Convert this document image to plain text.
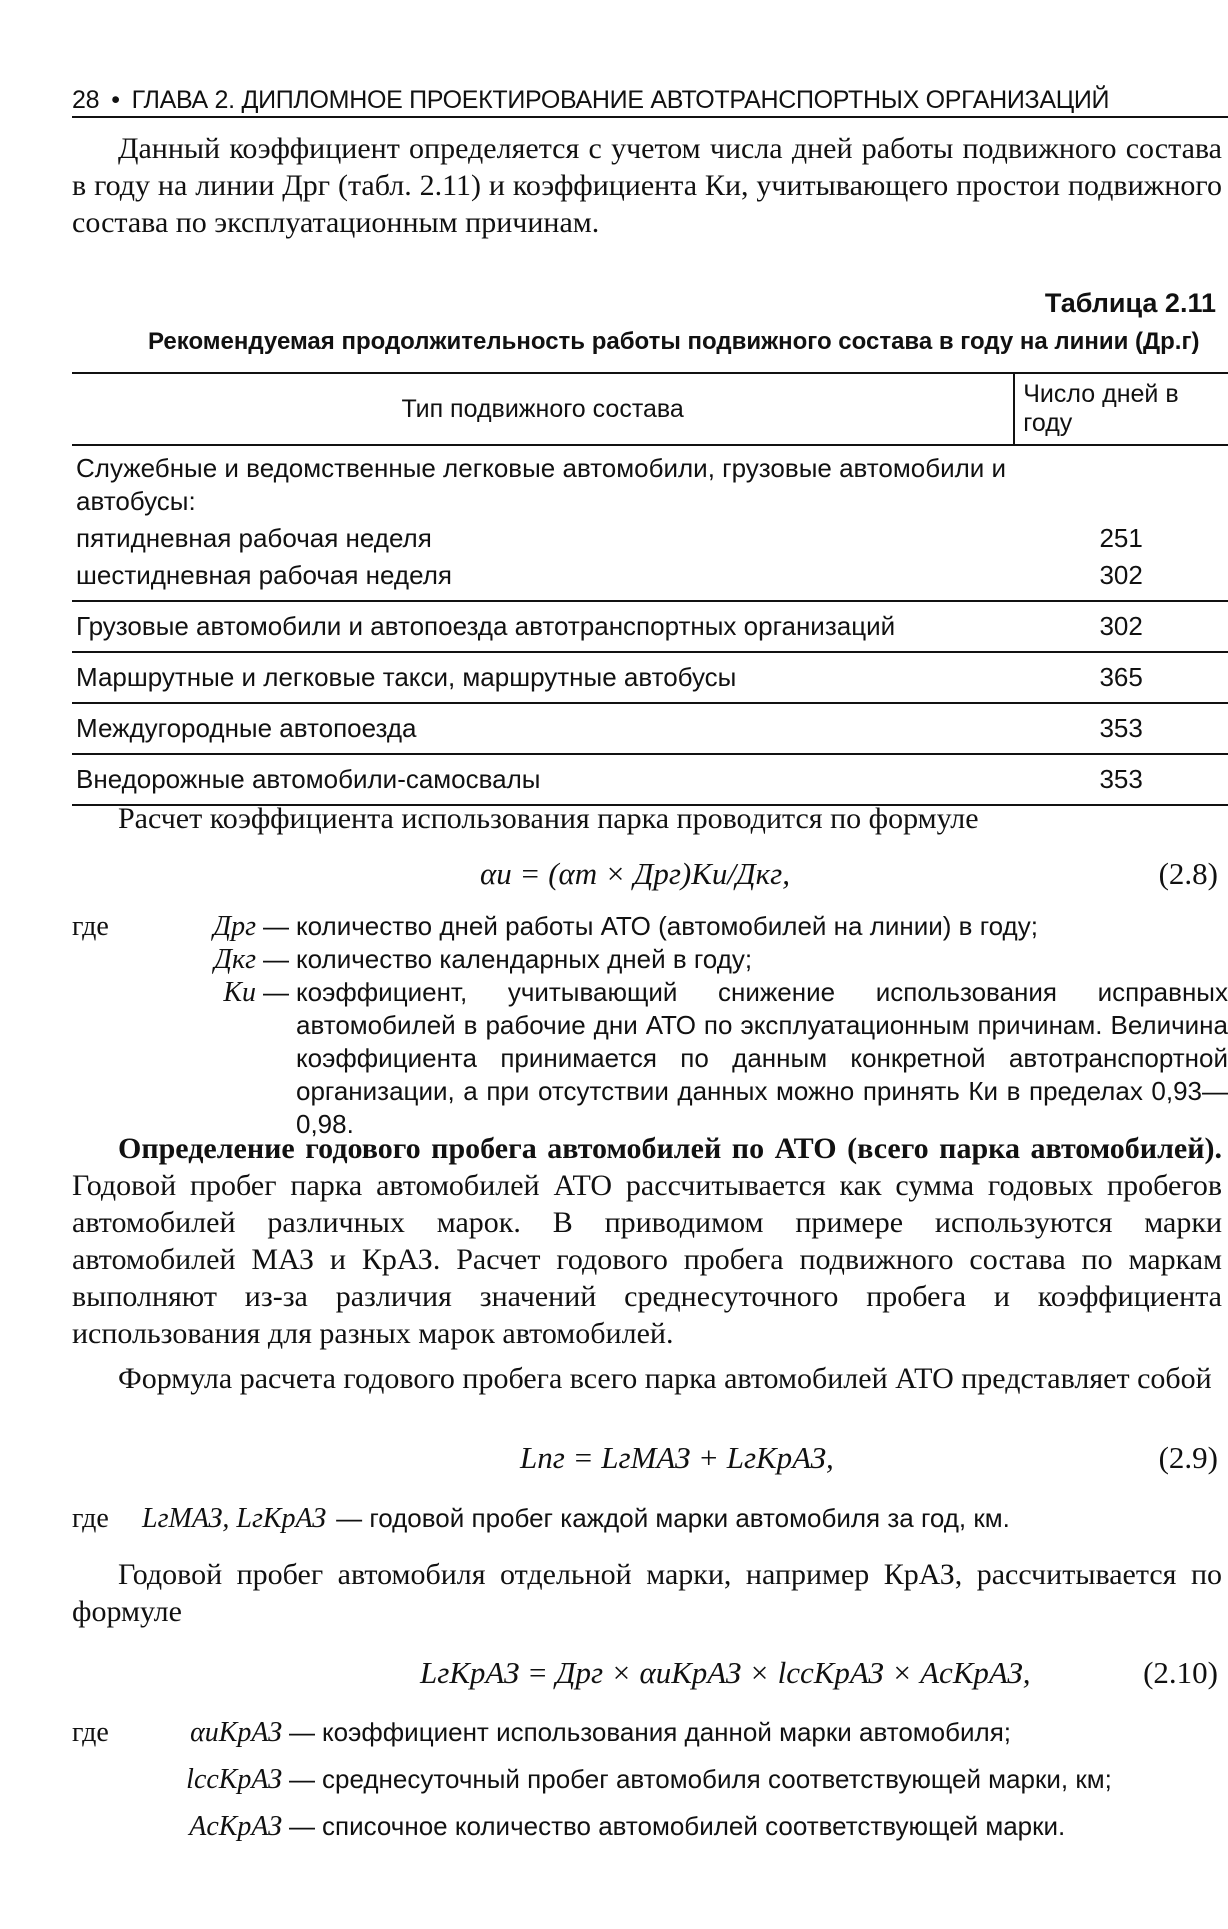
28 • ГЛАВА 2. ДИПЛОМНОЕ ПРОЕКТИРОВАНИЕ АВТОТРАНСПОРТНЫХ ОРГАНИЗАЦИЙ

Данный коэффициент определяется с учетом числа дней работы подвижного состава в году на линии Дрг (табл. 2.11) и коэффициента Ки, учитывающего простои подвижного состава по эксплуатационным причинам.

Таблица 2.11
Рекомендуемая продолжительность работы подвижного состава в году на линии (Др.г)
Тип подвижного состава	Число дней в году
Служебные и ведомственные легковые автомобили, грузовые автомобили и автобусы:	
пятидневная рабочая неделя	251
шестидневная рабочая неделя	302
Грузовые автомобили и автопоезда автотранспортных организаций	302
Маршрутные и легковые такси, маршрутные автобусы	365
Междугородные автопоезда	353
Внедорожные автомобили-самосвалы	353

Расчет коэффициента использования парка проводится по формуле

αи = (αт × Дрг)Ки/Дкг,	(2.8)
где	Дрг — количество дней работы АТО (автомобилей на линии) в году;
Дкг — количество календарных дней в году;
Ки — коэффициент, учитывающий снижение использования исправных автомобилей в рабочие дни АТО по эксплуатационным причинам. Величина коэффициента принимается по данным конкретной автотранспортной организации, а при отсутствии данных можно принять Ки в пределах 0,93—0,98.

Определение годового пробега автомобилей по АТО (всего парка автомобилей). Годовой пробег парка автомобилей АТО рассчитывается как сумма годовых пробегов автомобилей различных марок. В приводимом примере используются марки автомобилей МАЗ и КрАЗ. Расчет годового пробега подвижного состава по маркам выполняют из-за различия значений среднесуточного пробега и коэффициента использования для разных марок автомобилей.

Формула расчета годового пробега всего парка автомобилей АТО представляет собой

Lпг = LгМАЗ + LгКрАЗ,	(2.9)
где	LгМАЗ, LгКрАЗ — годовой пробег каждой марки автомобиля за год, км.

Годовой пробег автомобиля отдельной марки, например КрАЗ, рассчитывается по формуле

LгКрАЗ = Дрг × αиКрАЗ × lссКрАЗ × AсКрАЗ,	(2.10)
где	αиКрАЗ — коэффициент использования данной марки автомобиля;
lссКрАЗ — среднесуточный пробег автомобиля соответствующей марки, км;
AсКрАЗ — списочное количество автомобилей соответствующей марки.
